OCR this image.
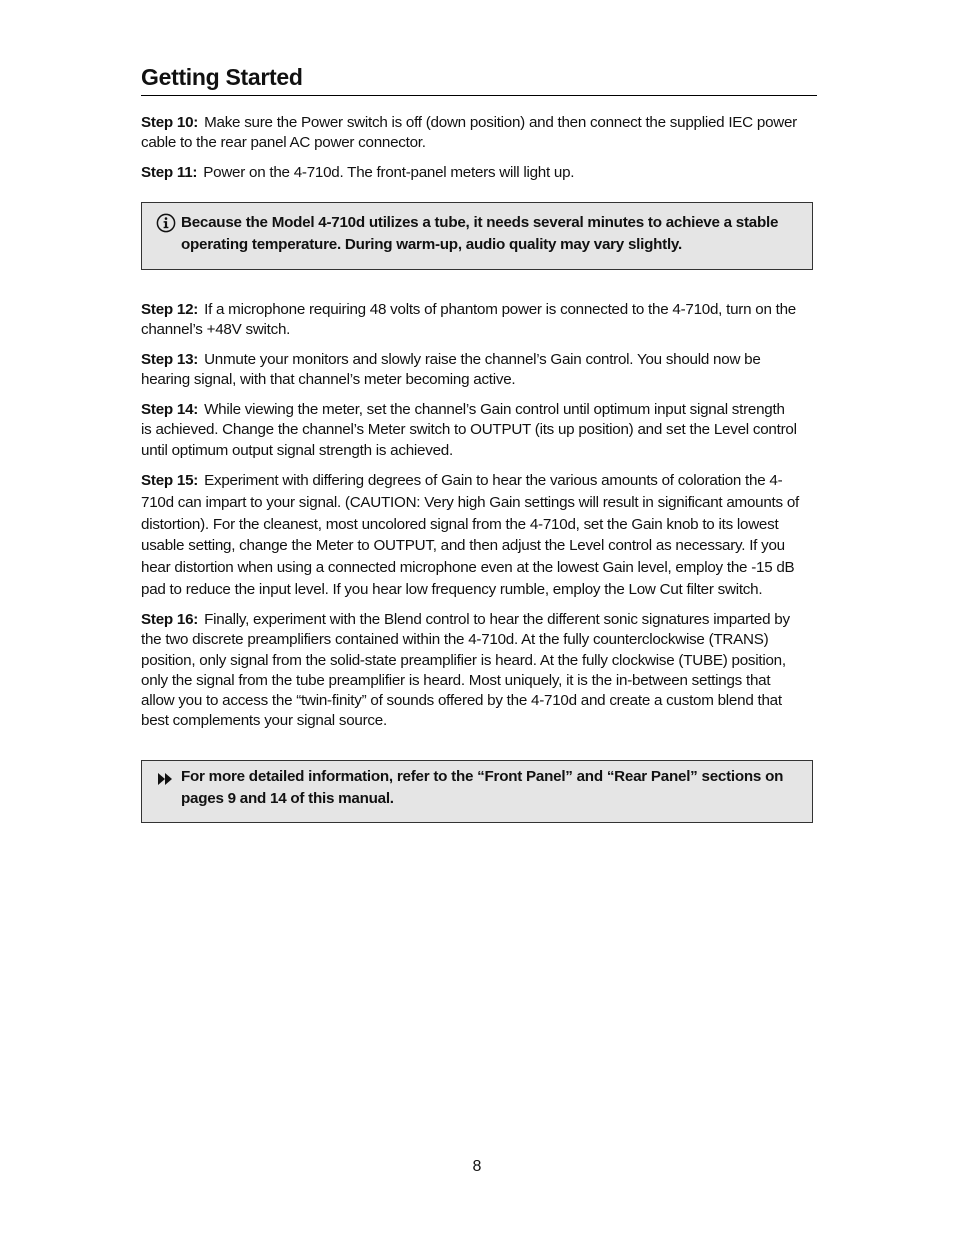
Getting Started

Step 10: Make sure the Power switch is off (down position) and then connect the supplied IEC power
cable to the rear panel AC power connector.

Step 11: Power on the 4-710d. The front-panel meters will light up.

Because the Model 4-710d utilizes a tube, it needs several minutes to achieve a stable
operating temperature. During warm-up, audio quality may vary slightly.

Step 12: If a microphone requiring 48 volts of phantom power is connected to the 4-710d, turn on the
channel’s +48V switch.

Step 13: Unmute your monitors and slowly raise the channel’s Gain control. You should now be
hearing signal, with that channel’s meter becoming active.

Step 14: While viewing the meter, set the channel’s Gain control until optimum input signal strength
is achieved. Change the channel’s Meter switch to OUTPUT (its up position) and set the Level control
until optimum output signal strength is achieved.

Step 15: Experiment with differing degrees of Gain to hear the various amounts of coloration the 4-
710d can impart to your signal. (CAUTION: Very high Gain settings will result in significant amounts of
distortion). For the cleanest, most uncolored signal from the 4-710d, set the Gain knob to its lowest
usable setting, change the Meter to OUTPUT, and then adjust the Level control as necessary. If you
hear distortion when using a connected microphone even at the lowest Gain level, employ the -15 dB
pad to reduce the input level. If you hear low frequency rumble, employ the Low Cut filter switch.

Step 16: Finally, experiment with the Blend control to hear the different sonic signatures imparted by
the two discrete preamplifiers contained within the 4-710d. At the fully counterclockwise (TRANS)
position, only signal from the solid-state preamplifier is heard. At the fully clockwise (TUBE) position,
only the signal from the tube preamplifier is heard. Most uniquely, it is the in-between settings that
allow you to access the “twin-finity” of sounds offered by the 4-710d and create a custom blend that
best complements your signal source.

For more detailed information, refer to the “Front Panel” and “Rear Panel” sections on
pages 9 and 14 of this manual.
8
